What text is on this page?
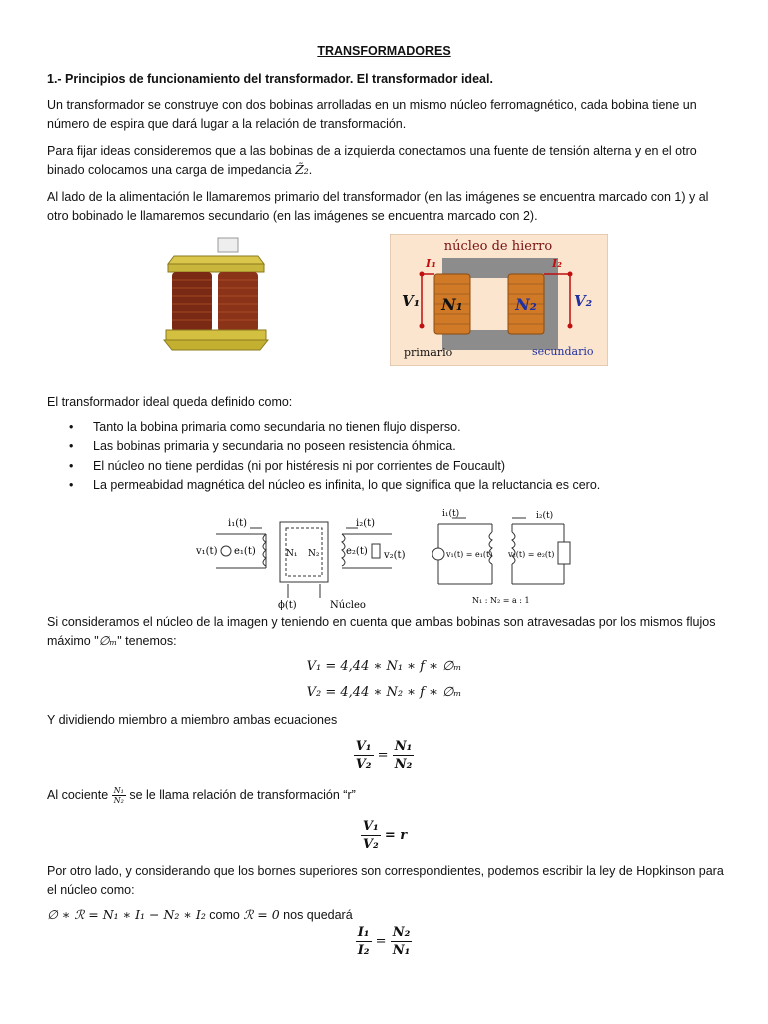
TRANSFORMADORES
1.- Principios de funcionamiento del transformador. El transformador ideal.
Un transformador se construye con dos bobinas arrolladas en un mismo núcleo ferromagnético, cada bobina tiene un número de espira que dará lugar a la relación de transformación.
Para fijar ideas consideremos que a las bobinas de a izquierda conectamos una fuente de tensión alterna y en el otro binado colocamos una carga de impedancia Z̃₂.
Al lado de la alimentación le llamaremos primario del transformador (en las imágenes se encuentra marcado con 1) y al otro bobinado le llamaremos secundario (en las imágenes se encuentra marcado con 2).
núcleo de hierro
I₁	I₂
V₁	V₂
N₁	N₂
primario	secundario
El transformador ideal queda definido como:
• Tanto la bobina primaria como secundaria no tienen flujo disperso.
• Las bobinas primaria y secundaria no poseen resistencia óhmica.
• El núcleo no tiene perdidas (ni por histéresis ni por corrientes de Foucault)
• La permeabidad magnética del núcleo es infinita, lo que significa que la reluctancia es cero.
i₁(t)	i₂(t)
v₁(t) e₁(t)	N₁ N₂	e₂(t) v₂(t)
ϕ(t)	Núcleo
i₁(t)	i₂(t)
v₁(t) = e₁(t) v₂(t) = e₂(t)
N₁ : N₂ = a : 1
Si consideramos el núcleo de la imagen y teniendo en cuenta que ambas bobinas son atravesadas por los mismos flujos máximo "∅ₘ" tenemos:
V₁ = 4,44 ∗ N₁ ∗ f ∗ ∅ₘ
V₂ = 4,44 ∗ N₂ ∗ f ∗ ∅ₘ
Y dividiendo miembro a miembro ambas ecuaciones
$\frac{\text{V₁}}{\text{V₂}} = \frac{\text{N₁}}{\text{N₂}}$
Al cociente $\frac{\text{N₁}}{\text{N₂}}$ se le llama relación de transformación “r”
$\frac{\text{V₁}}{\text{V₂}} = r$
Por otro lado, y considerando que los bornes superiores son correspondientes, podemos escribir la ley de Hopkinson para el núcleo como:
∅ ∗ ℛ = N₁ ∗ I₁ − N₂ ∗ I₂ como ℛ = 0 nos quedará
$\frac{\text{I₁}}{\text{I₂}} = \frac{\text{N₂}}{\text{N₁}}$
